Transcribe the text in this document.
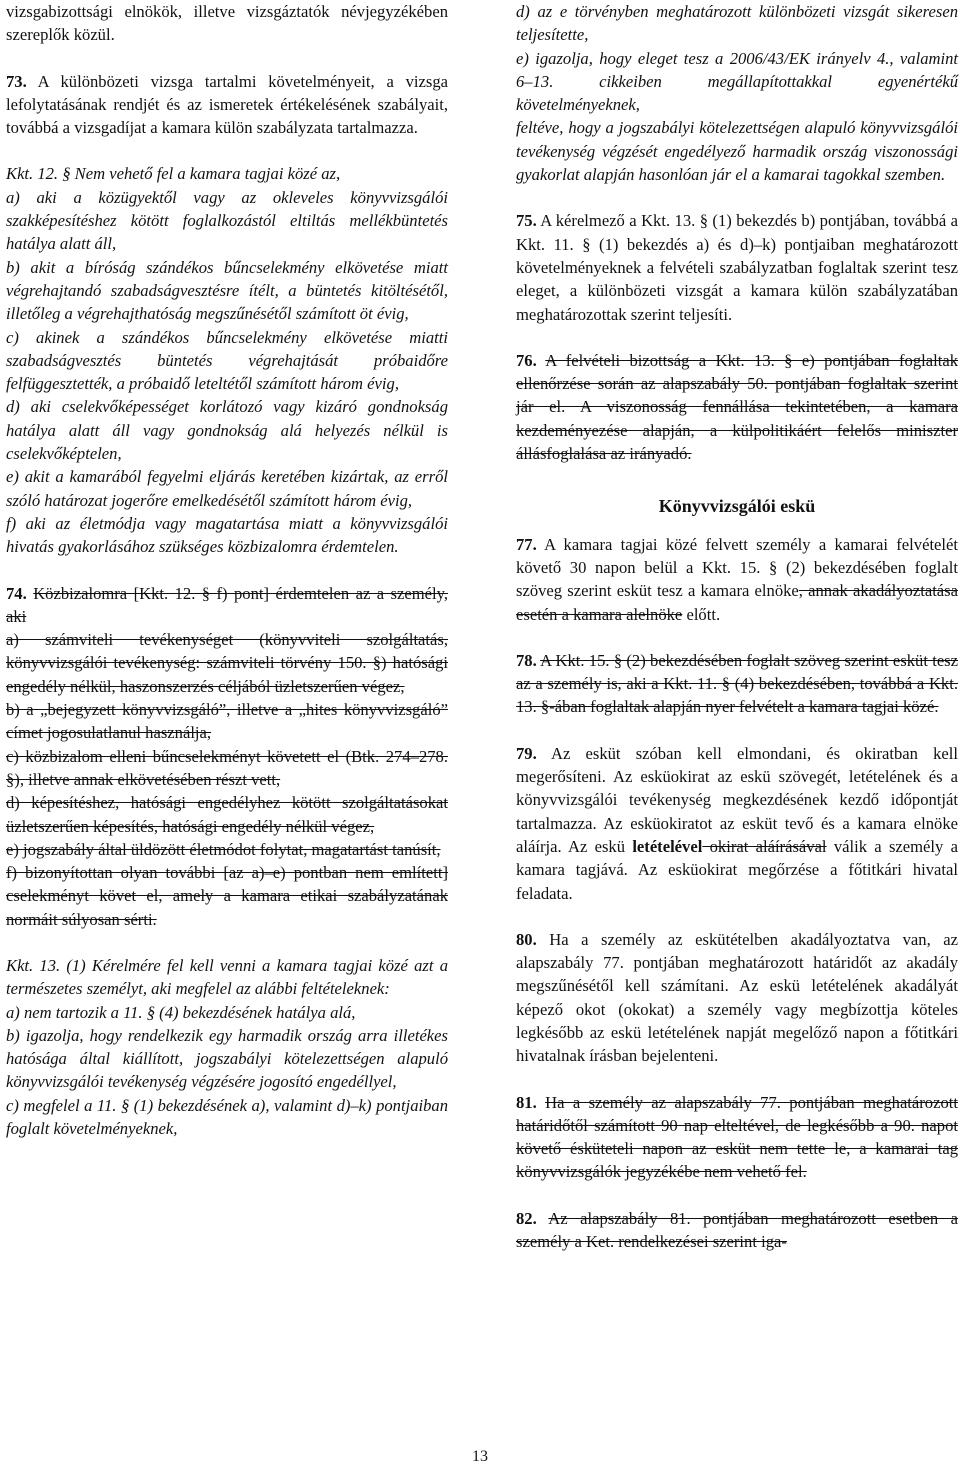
vizsgabizottsági elnökök, illetve vizsgáztatók névjegyzékében szereplők közül.

73. A különbözeti vizsga tartalmi követelményeit, a vizsga lefolytatásának rendjét és az ismeretek értékelésének szabályait, továbbá a vizsgadíjat a kamara külön szabályzata tartalmazza.

Kkt. 12. § Nem vehető fel a kamara tagjai közé az,

a) aki a közügyektől vagy az okleveles könyvvizsgálói szakképesítéshez kötött foglalkozástól eltiltás mellékbüntetés hatálya alatt áll,

b) akit a bíróság szándékos bűncselekmény elkövetése miatt végrehajtandó szabadságvesztésre ítélt, a büntetés kitöltésétől, illetőleg a végrehajthatóság megszűnésétől számított öt évig,

c) akinek a szándékos bűncselekmény elkövetése miatti szabadságvesztés büntetés végrehajtását próbaidőre felfüggesztették, a próbaidő leteltétől számított három évig,

d) aki cselekvőképességet korlátozó vagy kizáró gondnokság hatálya alatt áll vagy gondnokság alá helyezés nélkül is cselekvőképtelen,

e) akit a kamarából fegyelmi eljárás keretében kizártak, az erről szóló határozat jogerőre emelkedésétől számított három évig,

f) aki az életmódja vagy magatartása miatt a könyvvizsgálói hivatás gyakorlásához szükséges közbizalomra érdemtelen.

74. Közbizalomra [Kkt. 12. § f) pont] érdemtelen az a személy, aki

a) számviteli tevékenységet (könyvviteli szolgáltatás, könyvvizsgálói tevékenység: számviteli törvény 150. §) hatósági engedély nélkül, haszonszerzés céljából üzletszerűen végez,

b) a „bejegyzett könyvvizsgáló”, illetve a „hites könyvvizsgáló” címet jogosulatlanul használja,

c) közbizalom elleni bűncselekményt követett el (Btk. 274–278. §), illetve annak elkövetésében részt vett,

d) képesítéshez, hatósági engedélyhez kötött szolgáltatásokat üzletszerűen képesítés, hatósági engedély nélkül végez,

e) jogszabály által üldözött életmódot folytat, magatartást tanúsít,

f) bizonyítottan olyan további [az a)–e) pontban nem említett] cselekményt követ el, amely a kamara etikai szabályzatának normáit súlyosan sérti.

Kkt. 13. (1) Kérelmére fel kell venni a kamara tagjai közé azt a természetes személyt, aki megfelel az alábbi feltételeknek:

a) nem tartozik a 11. § (4) bekezdésének hatálya alá,

b) igazolja, hogy rendelkezik egy harmadik ország arra illetékes hatósága által kiállított, jogszabályi kötelezettségen alapuló könyvvizsgálói tevékenység végzésére jogosító engedéllyel,

c) megfelel a 11. § (1) bekezdésének a), valamint d)–k) pontjaiban foglalt követelményeknek,

d) az e törvényben meghatározott különbözeti vizsgát sikeresen teljesítette,

e) igazolja, hogy eleget tesz a 2006/43/EK irányelv 4., valamint 6–13. cikkeiben megállapítottakkal egyenértékű követelményeknek,

feltéve, hogy a jogszabályi kötelezettségen alapuló könyvvizsgálói tevékenység végzését engedélyező harmadik ország viszonossági gyakorlat alapján hasonlóan jár el a kamarai tagokkal szemben.

75. A kérelmező a Kkt. 13. § (1) bekezdés b) pontjában, továbbá a Kkt. 11. § (1) bekezdés a) és d)–k) pontjaiban meghatározott követelményeknek a felvételi szabályzatban foglaltak szerint tesz eleget, a különbözeti vizsgát a kamara külön szabályzatában meghatározottak szerint teljesíti.

76. A felvételi bizottság a Kkt. 13. § e) pontjában foglaltak ellenőrzése során az alapszabály 50. pontjában foglaltak szerint jár el. A viszonosság fennállása tekintetében, a kamara kezdeményezése alapján, a külpolitikáért felelős miniszter állásfoglalása az irányadó.

Könyvvizsgálói eskü

77. A kamara tagjai közé felvett személy a kamarai felvételét követő 30 napon belül a Kkt. 15. § (2) bekezdésében foglalt szöveg szerint esküt tesz a kamara elnöke, annak akadályoztatása esetén a kamara alelnöke előtt.

78. A Kkt. 15. § (2) bekezdésében foglalt szöveg szerint esküt tesz az a személy is, aki a Kkt. 11. § (4) bekezdésében, továbbá a Kkt. 13. §-ában foglaltak alapján nyer felvételt a kamara tagjai közé.

79. Az esküt szóban kell elmondani, és okiratban kell megerősíteni. Az esküokirat az eskü szövegét, letételének és a könyvvizsgálói tevékenység megkezdésének kezdő időpontját tartalmazza. Az esküokiratot az esküt tevő és a kamara elnöke aláírja. Az eskü letételével okirat aláírásával válik a személy a kamara tagjává. Az esküokirat megőrzése a főtitkári hivatal feladata.

80. Ha a személy az eskütételben akadályoztatva van, az alapszabály 77. pontjában meghatározott határidőt az akadály megszűnésétől kell számítani. Az eskü letételének akadályát képező okot (okokat) a személy vagy megbízottja köteles legkésőbb az eskü letételének napját megelőző napon a főtitkári hivatalnak írásban bejelenteni.

81. Ha a személy az alapszabály 77. pontjában meghatározott határidőtől számított 90 nap elteltével, de legkésőbb a 90. napot követő ésküteteli napon az esküt nem tette le, a kamarai tag könyvvizsgálók jegyzékébe nem vehető fel.

82. Az alapszabály 81. pontjában meghatározott esetben a személy a Ket. rendelkezései szerint iga-

13
